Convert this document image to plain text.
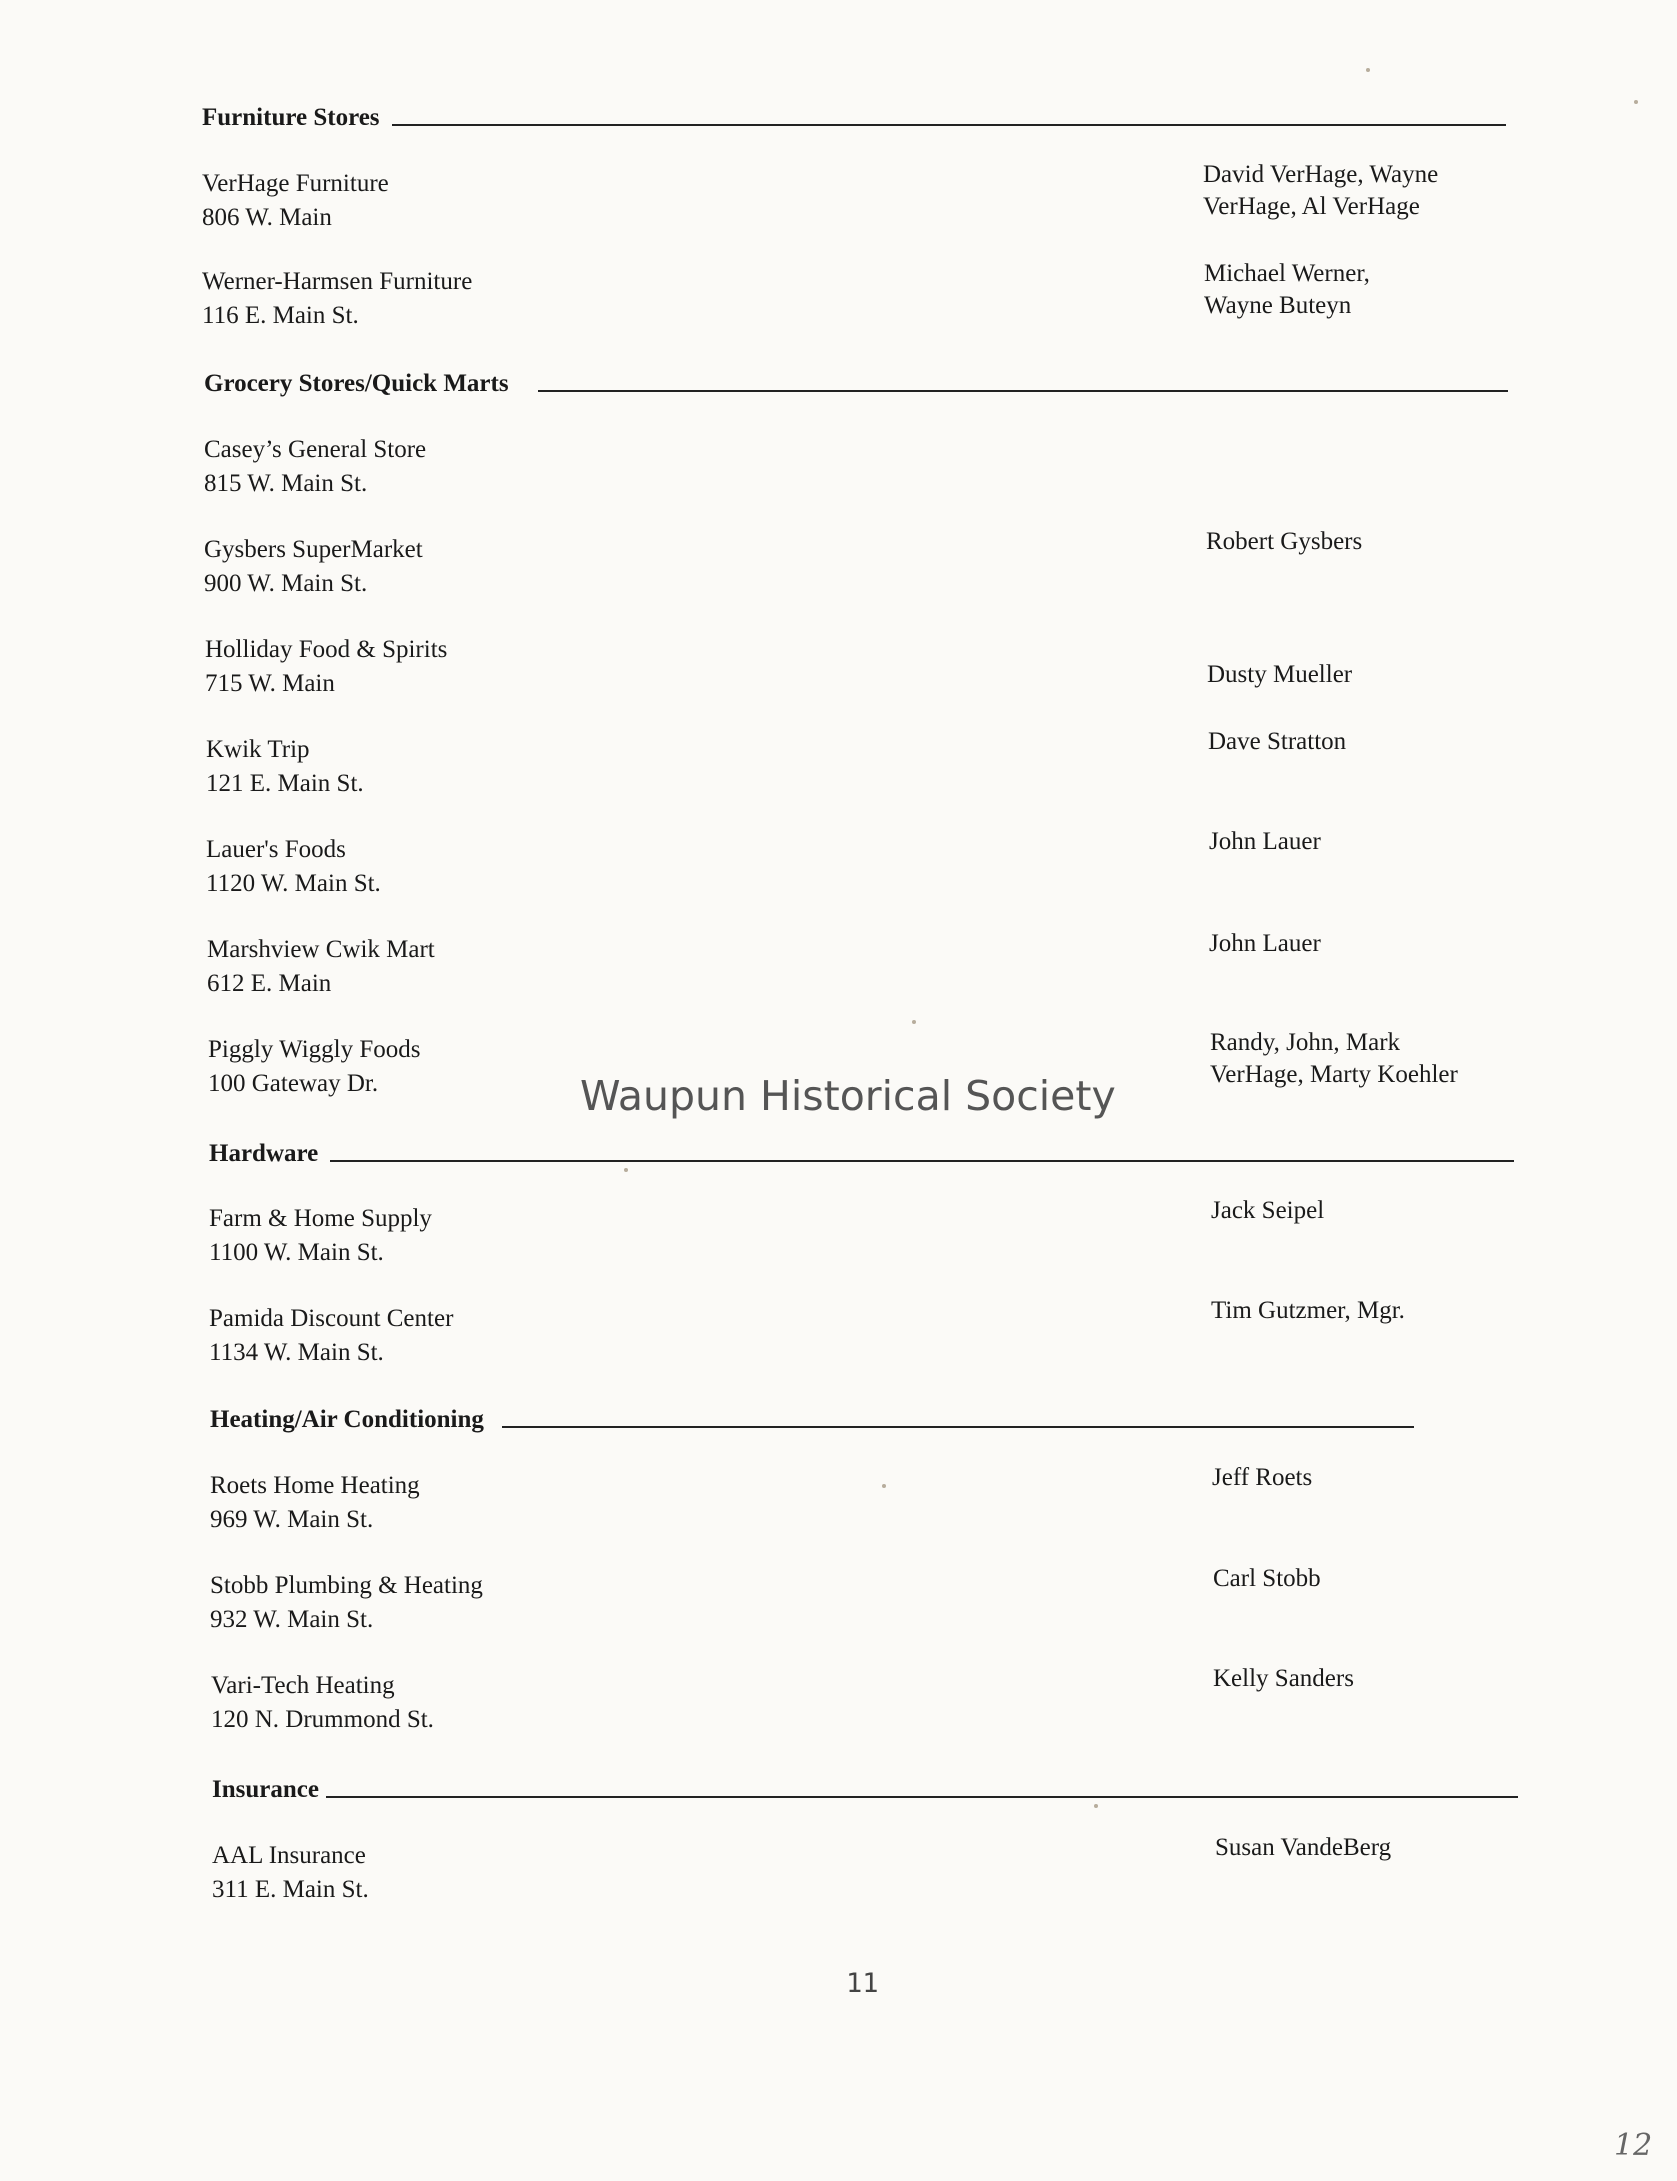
Furniture Stores
VerHage Furniture
806 W. Main
David VerHage, Wayne
VerHage, Al VerHage
Werner-Harmsen Furniture
116 E. Main St.
Michael Werner,
Wayne Buteyn
Grocery Stores/Quick Marts
Casey’s General Store
815 W. Main St.
Gysbers SuperMarket
900 W. Main St.
Robert Gysbers
Holliday Food & Spirits
715 W. Main	Dusty Mueller
Kwik Trip
121 E. Main St.
Dave Stratton
Lauer's Foods
1120 W. Main St.
John Lauer
Marshview Cwik Mart
612 E. Main
John Lauer
Piggly Wiggly Foods
100 Gateway Dr.
Randy, John, Mark
VerHage, Marty Koehler
Hardware
Farm & Home Supply
1100 W. Main St.
Jack Seipel
Pamida Discount Center
1134 W. Main St.
Tim Gutzmer, Mgr.
Heating/Air Conditioning
Roets Home Heating
969 W. Main St.
Jeff Roets
Stobb Plumbing & Heating
932 W. Main St.
Carl Stobb
Vari-Tech Heating
120 N. Drummond St.
Kelly Sanders
Insurance
AAL Insurance
311 E. Main St.
Susan VandeBerg
Waupun Historical Society
11
12
